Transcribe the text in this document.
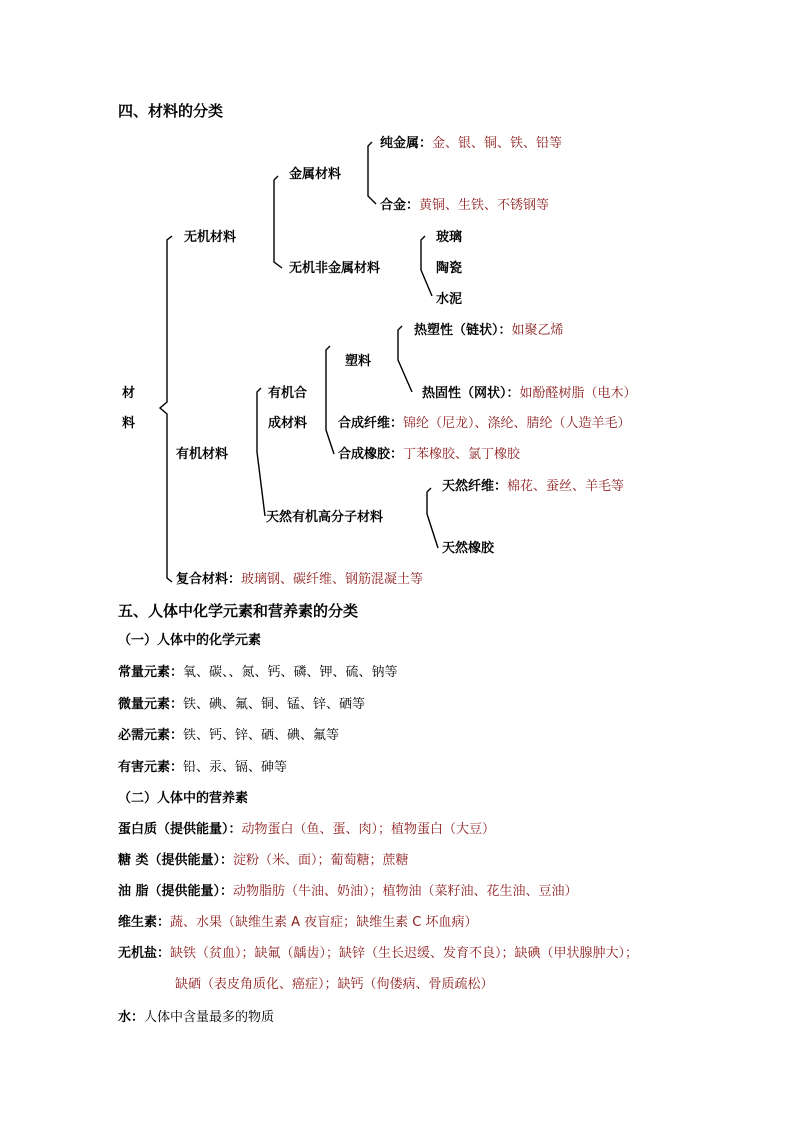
四、材料的分类
材
料
无机材料
金属材料
纯金属：金、银、铜、铁、铅等
合金：黄铜、生铁、不锈钢等
无机非金属材料
玻璃
陶瓷
水泥
有机材料
有机合
成材料
塑料
热塑性（链状）：如聚乙烯
热固性（网状）：如酚醛树脂（电木）
合成纤维：锦纶（尼龙）、涤纶、腈纶（人造羊毛）
合成橡胶：丁苯橡胶、氯丁橡胶
天然有机高分子材料
天然纤维：棉花、蚕丝、羊毛等
天然橡胶
复合材料：玻璃钢、碳纤维、钢筋混凝土等
五、人体中化学元素和营养素的分类
（一）人体中的化学元素
常量元素：氧、碳、、氮、钙、磷、钾、硫、钠等
微量元素：铁、碘、氟、铜、锰、锌、硒等
必需元素：铁、钙、锌、硒、碘、氟等
有害元素：铅、汞、镉、砷等
（二）人体中的营养素
蛋白质（提供能量）：动物蛋白（鱼、蛋、肉）；植物蛋白（大豆）
糖 类（提供能量）：淀粉（米、面）；葡萄糖；蔗糖
油 脂（提供能量）：动物脂肪（牛油、奶油）；植物油（菜籽油、花生油、豆油）
维生素：蔬、水果（缺维生素 A 夜盲症；缺维生素 C 坏血病）
无机盐：缺铁（贫血）；缺氟（龋齿）；缺锌（生长迟缓、发育不良）；缺碘（甲状腺肿大）；
缺硒（表皮角质化、癌症）；缺钙（佝偻病、骨质疏松）
水：人体中含量最多的物质
